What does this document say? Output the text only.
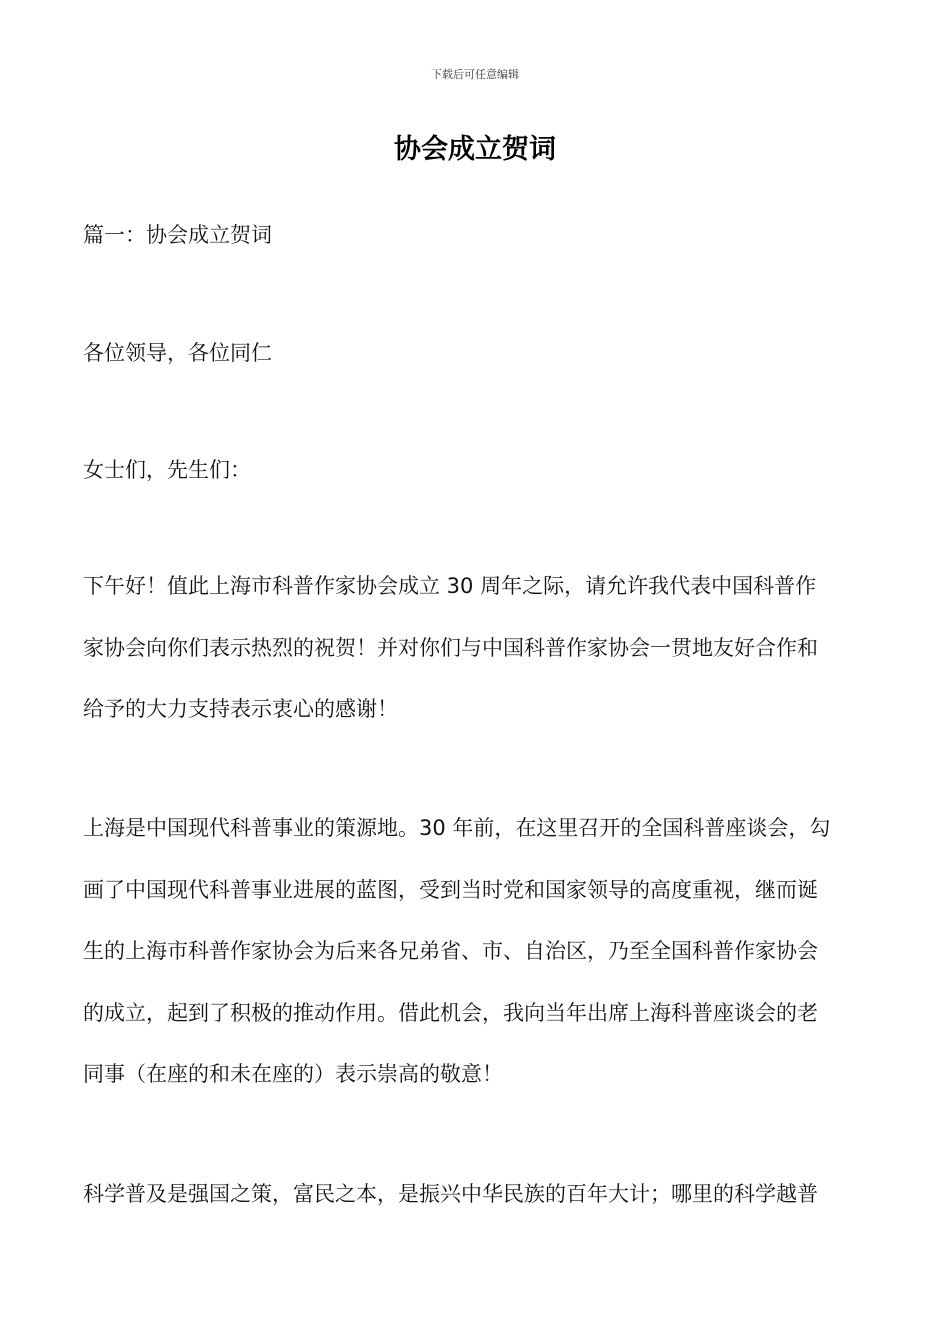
下载后可任意编辑
协会成立贺词
篇一：协会成立贺词
各位领导，各位同仁
女士们，先生们：
下午好！值此上海市科普作家协会成立 30 周年之际，请允许我代表中国科普作
家协会向你们表示热烈的祝贺！并对你们与中国科普作家协会一贯地友好合作和
给予的大力支持表示衷心的感谢！
上海是中国现代科普事业的策源地。30 年前，在这里召开的全国科普座谈会，勾
画了中国现代科普事业进展的蓝图，受到当时党和国家领导的高度重视，继而诞
生的上海市科普作家协会为后来各兄弟省、市、自治区，乃至全国科普作家协会
的成立，起到了积极的推动作用。借此机会，我向当年出席上海科普座谈会的老
同事（在座的和未在座的）表示崇高的敬意！
科学普及是强国之策，富民之本，是振兴中华民族的百年大计；哪里的科学越普
